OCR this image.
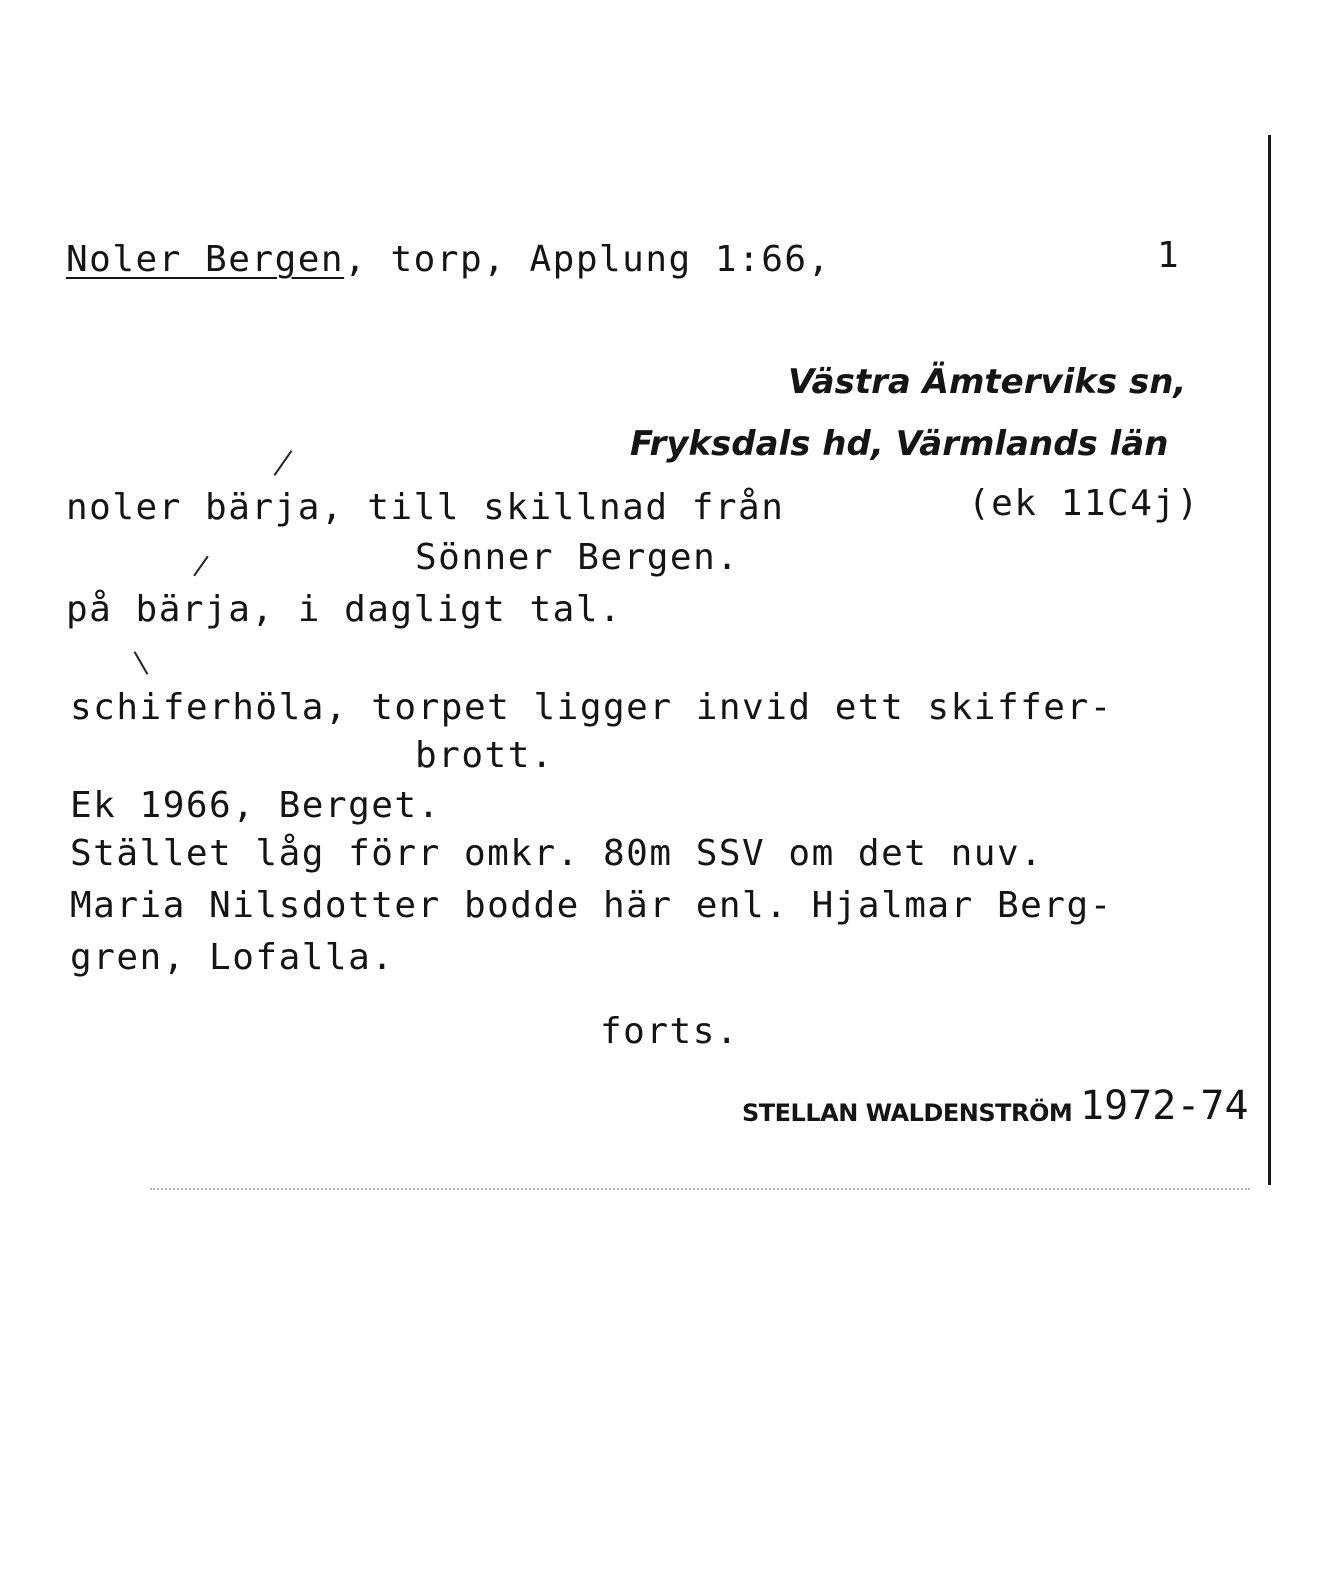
Noler Bergen, torp, Applung 1:66,	1
Västra Ämterviks sn,
Fryksdals hd, Värmlands län
noler bärja, till skillnad från	(ek 11C4j)
Sönner Bergen.
på bärja, i dagligt tal.
schiferhöla, torpet ligger invid ett skiffer-
brott.
Ek 1966, Berget.
Stället låg förr omkr. 80m SSV om det nuv.
Maria Nilsdotter bodde här enl. Hjalmar Berg-
gren, Lofalla.
forts.
STELLAN WALDENSTRÖM 1972-74
